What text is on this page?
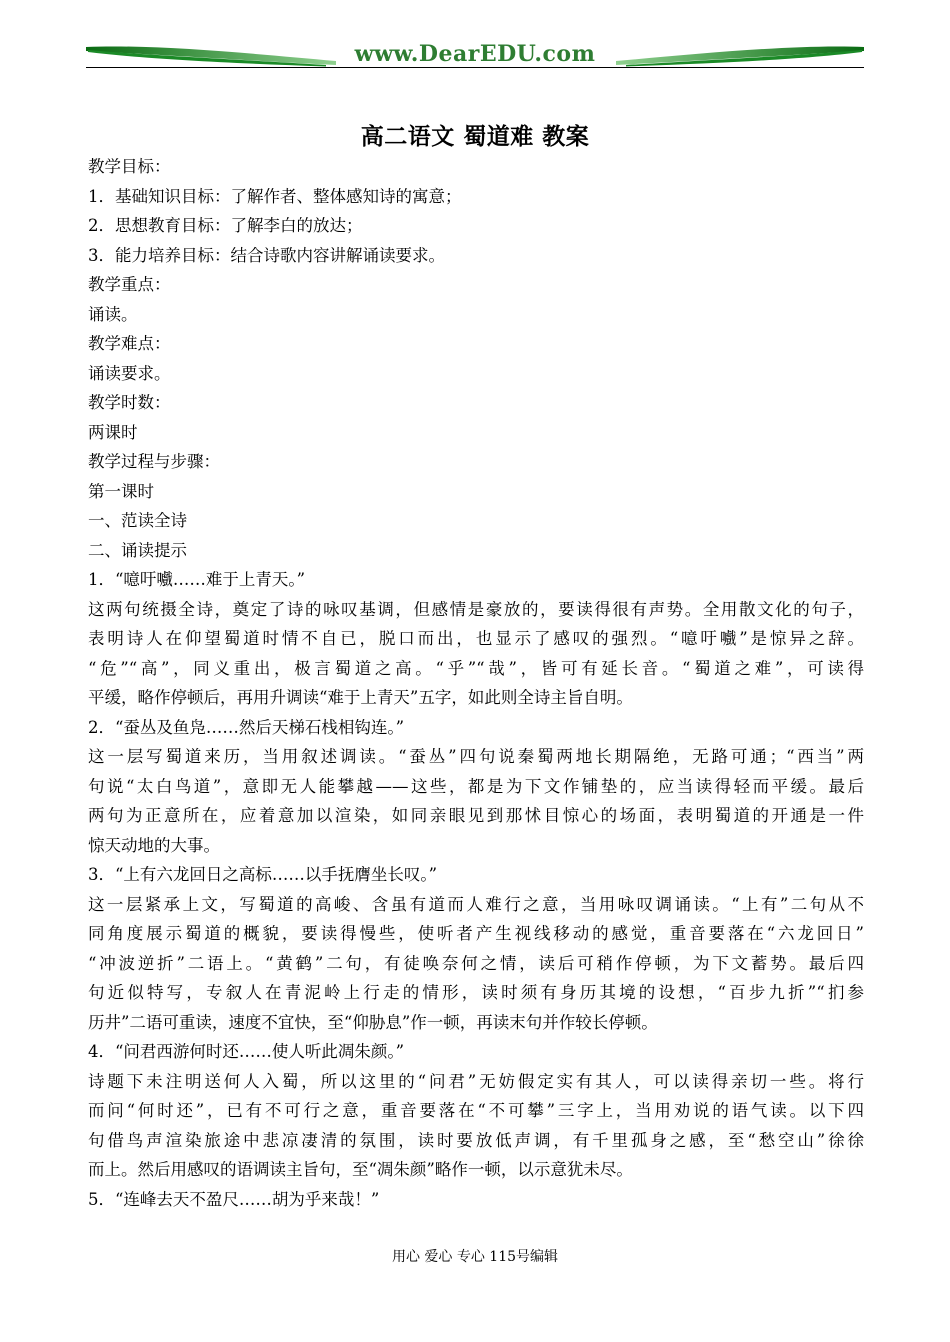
www.DearEDU.com
高二语文 蜀道难 教案
教学目标：
1．基础知识目标：了解作者、整体感知诗的寓意；
2．思想教育目标：了解李白的放达；
3．能力培养目标：结合诗歌内容讲解诵读要求。
教学重点：
诵读。
教学难点：
诵读要求。
教学时数：
两课时
教学过程与步骤：
第一课时
一、范读全诗
二、诵读提示
1．“噫吁嚱……难于上青天。”
这两句统摄全诗，奠定了诗的咏叹基调，但感情是豪放的，要读得很有声势。全用散文化的句子，
表明诗人在仰望蜀道时情不自已，脱口而出，也显示了感叹的强烈。“噫吁嚱”是惊异之辞。
“危”“高”，同义重出，极言蜀道之高。“乎”“哉”，皆可有延长音。“蜀道之难”，可读得
平缓，略作停顿后，再用升调读“难于上青天”五字，如此则全诗主旨自明。
2．“蚕丛及鱼凫……然后天梯石栈相钩连。”
这一层写蜀道来历，当用叙述调读。“蚕丛”四句说秦蜀两地长期隔绝，无路可通；“西当”两
句说“太白鸟道”，意即无人能攀越——这些，都是为下文作铺垫的，应当读得轻而平缓。最后
两句为正意所在，应着意加以渲染，如同亲眼见到那怵目惊心的场面，表明蜀道的开通是一件
惊天动地的大事。
3．“上有六龙回日之高标……以手抚膺坐长叹。”
这一层紧承上文，写蜀道的高峻、含虽有道而人难行之意，当用咏叹调诵读。“上有”二句从不
同角度展示蜀道的概貌，要读得慢些，使听者产生视线移动的感觉，重音要落在“六龙回日”
“冲波逆折”二语上。“黄鹤”二句，有徒唤奈何之情，读后可稍作停顿，为下文蓄势。最后四
句近似特写，专叙人在青泥岭上行走的情形，读时须有身历其境的设想，“百步九折”“扪参
历井”二语可重读，速度不宜快，至“仰胁息”作一顿，再读末句并作较长停顿。
4．“问君西游何时还……使人听此凋朱颜。”
诗题下未注明送何人入蜀，所以这里的“问君”无妨假定实有其人，可以读得亲切一些。将行
而问“何时还”，已有不可行之意，重音要落在“不可攀”三字上，当用劝说的语气读。以下四
句借鸟声渲染旅途中悲凉凄清的氛围，读时要放低声调，有千里孤身之感，至“愁空山”徐徐
而上。然后用感叹的语调读主旨句，至“凋朱颜”略作一顿，以示意犹未尽。
5．“连峰去天不盈尺……胡为乎来哉！”
用心 爱心 专心 115号编辑
